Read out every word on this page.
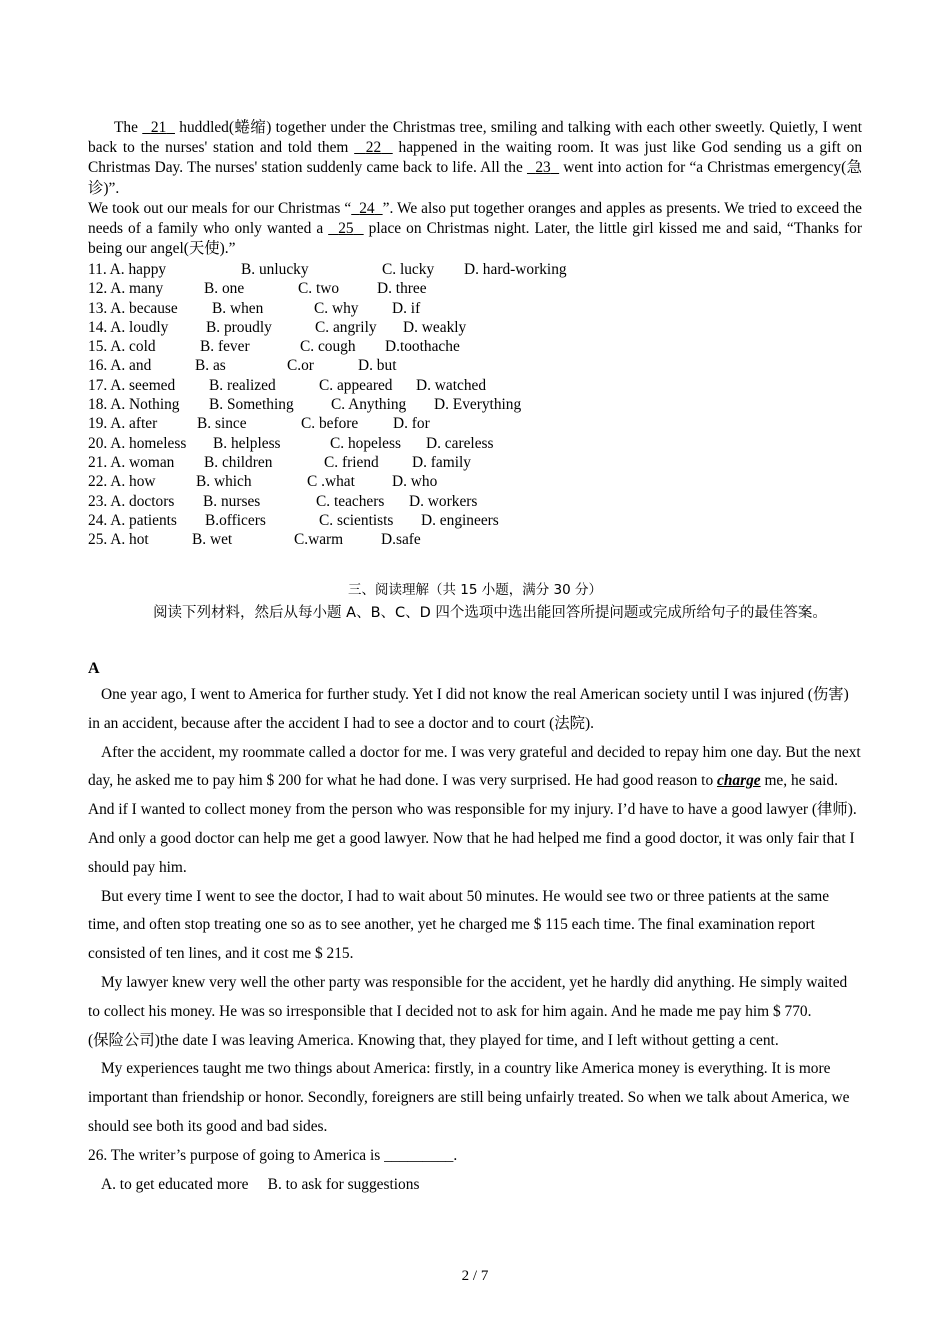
The   21   huddled(蜷缩) together under the Christmas tree, smiling and talking with each other sweetly. Quietly, I went back to the nurses' station and told them   22   happened in the waiting room. It was just like God sending us a gift on Christmas Day. The nurses' station suddenly came back to life. All the   23   went into action for “a Christmas emergency(急诊)”.

We took out our meals for our Christmas “ 24 ”. We also put together oranges and apples as presents. We tried to exceed the needs of a family who only wanted a   25   place on Christmas night. Later, the little girl kissed me and said, “Thanks for being our angel(天使).”

11. A. happy	B. unlucky	C. lucky D. hard-working
12. A. many	B. one	C. two D. three
13. A. because B. when	C. why D. if
14. A. loudly B. proudly	C. angrily D. weakly
15. A. cold	B. fever	C. cough D.toothache
16. A. and	B. as	C.or	D. but
17. A. seemed B. realized	C. appeared D. watched
18. A. Nothing B. Something C. Anything D. Everything
19. A. after	B. since	C. before D. for
20. A. homeless B. helpless	C. hopeless D. careless
21. A. woman B. children	C. friend D. family
22. A. how	B. which	C .what D. who
23. A. doctors B. nurses	C. teachers D. workers
24. A. patients B.officers	C. scientists D. engineers
25. A. hot	B. wet	C.warm D.safe
三、阅读理解（共 15 小题，满分 30 分）
阅读下列材料，然后从每小题 A、B、C、D 四个选项中选出能回答所提问题或完成所给句子的最佳答案。
A

One year ago, I went to America for further study. Yet I did not know the real American society until I was injured (伤害) in an accident, because after the accident I had to see a doctor and to court (法院).

After the accident, my roommate called a doctor for me. I was very grateful and decided to repay him one day. But the next day, he asked me to pay him $ 200 for what he had done. I was very surprised. He had good reason to charge me, he said. And if I wanted to collect money from the person who was responsible for my injury. I’d have to have a good lawyer (律师). And only a good doctor can help me get a good lawyer. Now that he had helped me find a good doctor, it was only fair that I should pay him.

But every time I went to see the doctor, I had to wait about 50 minutes. He would see two or three patients at the same time, and often stop treating one so as to see another, yet he charged me $ 115 each time. The final examination report consisted of ten lines, and it cost me $ 215.

My lawyer knew very well the other party was responsible for the accident, yet he hardly did anything. He simply waited to collect his money. He was so irresponsible that I decided not to ask for him again. And he made me pay him $ 770.

(保险公司)the date I was leaving America. Knowing that, they played for time, and I left without getting a cent.

My experiences taught me two things about America: firstly, in a country like America money is everything. It is more important than friendship or honor. Secondly, foreigners are still being unfairly treated. So when we talk about America, we should see both its good and bad sides.

26. The writer’s purpose of going to America is _________.

A. to get educated more     B. to ask for suggestions

2 / 7
